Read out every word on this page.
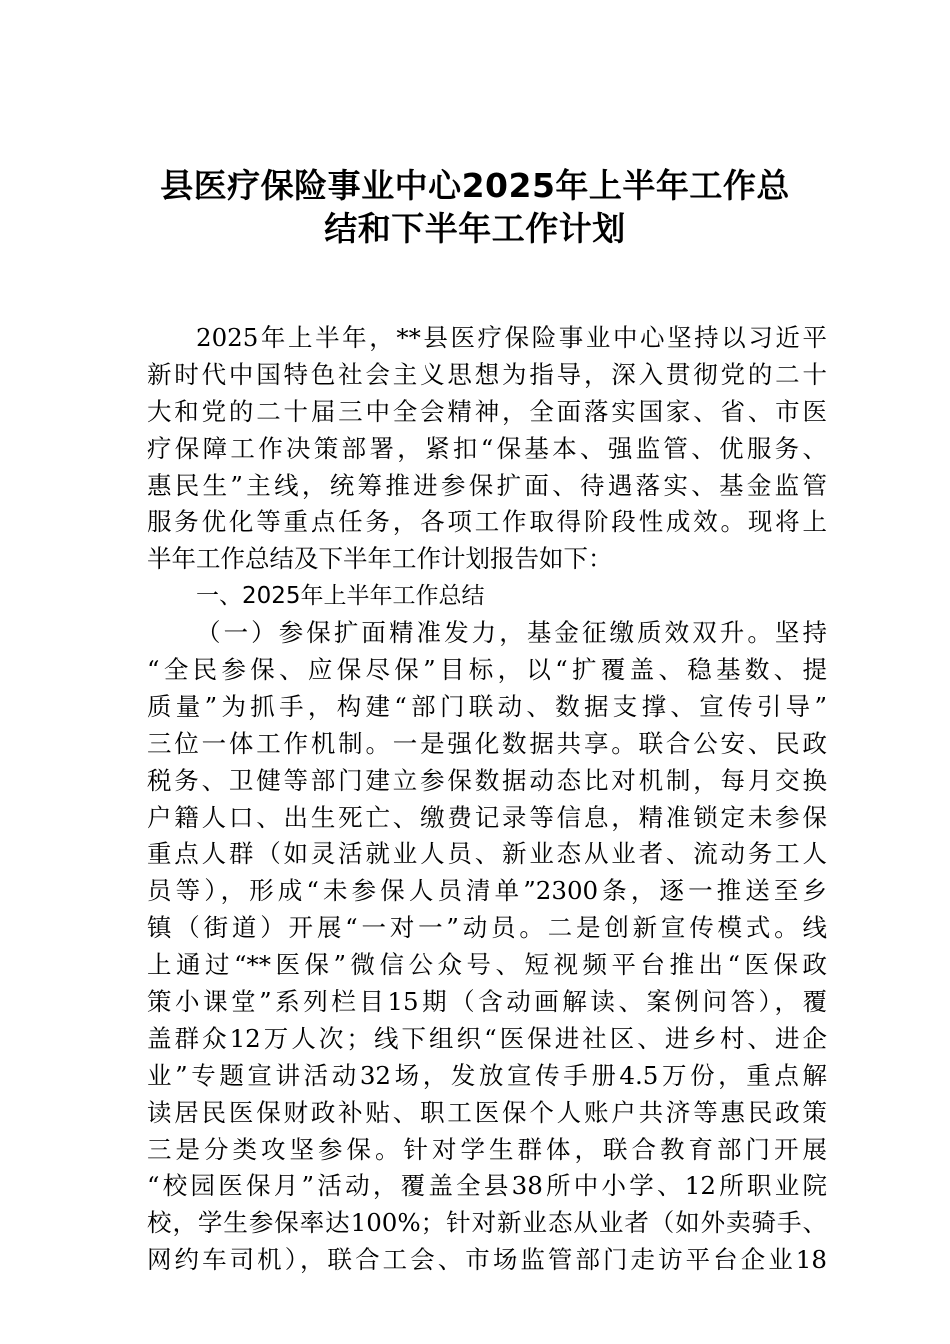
县医疗保险事业中心2025年上半年工作总
结和下半年工作计划
2025年上半年，**县医疗保险事业中心坚持以习近平
新时代中国特色社会主义思想为指导，深入贯彻党的二十
大和党的二十届三中全会精神，全面落实国家、省、市医
疗保障工作决策部署，紧扣“保基本、强监管、优服务、
惠民生”主线，统筹推进参保扩面、待遇落实、基金监管
服务优化等重点任务，各项工作取得阶段性成效。现将上
半年工作总结及下半年工作计划报告如下：
一、2025年上半年工作总结
（一）参保扩面精准发力，基金征缴质效双升。坚持
“全民参保、应保尽保”目标，以“扩覆盖、稳基数、提
质量”为抓手，构建“部门联动、数据支撑、宣传引导”
三位一体工作机制。一是强化数据共享。联合公安、民政
税务、卫健等部门建立参保数据动态比对机制，每月交换
户籍人口、出生死亡、缴费记录等信息，精准锁定未参保
重点人群（如灵活就业人员、新业态从业者、流动务工人
员等），形成“未参保人员清单”2300条，逐一推送至乡
镇（街道）开展“一对一”动员。二是创新宣传模式。线
上通过“**医保”微信公众号、短视频平台推出“医保政
策小课堂”系列栏目15期（含动画解读、案例问答），覆
盖群众12万人次；线下组织“医保进社区、进乡村、进企
业”专题宣讲活动32场，发放宣传手册4.5万份，重点解
读居民医保财政补贴、职工医保个人账户共济等惠民政策
三是分类攻坚参保。针对学生群体，联合教育部门开展
“校园医保月”活动，覆盖全县38所中小学、12所职业院
校，学生参保率达100%；针对新业态从业者（如外卖骑手、
网约车司机），联合工会、市场监管部门走访平台企业18
